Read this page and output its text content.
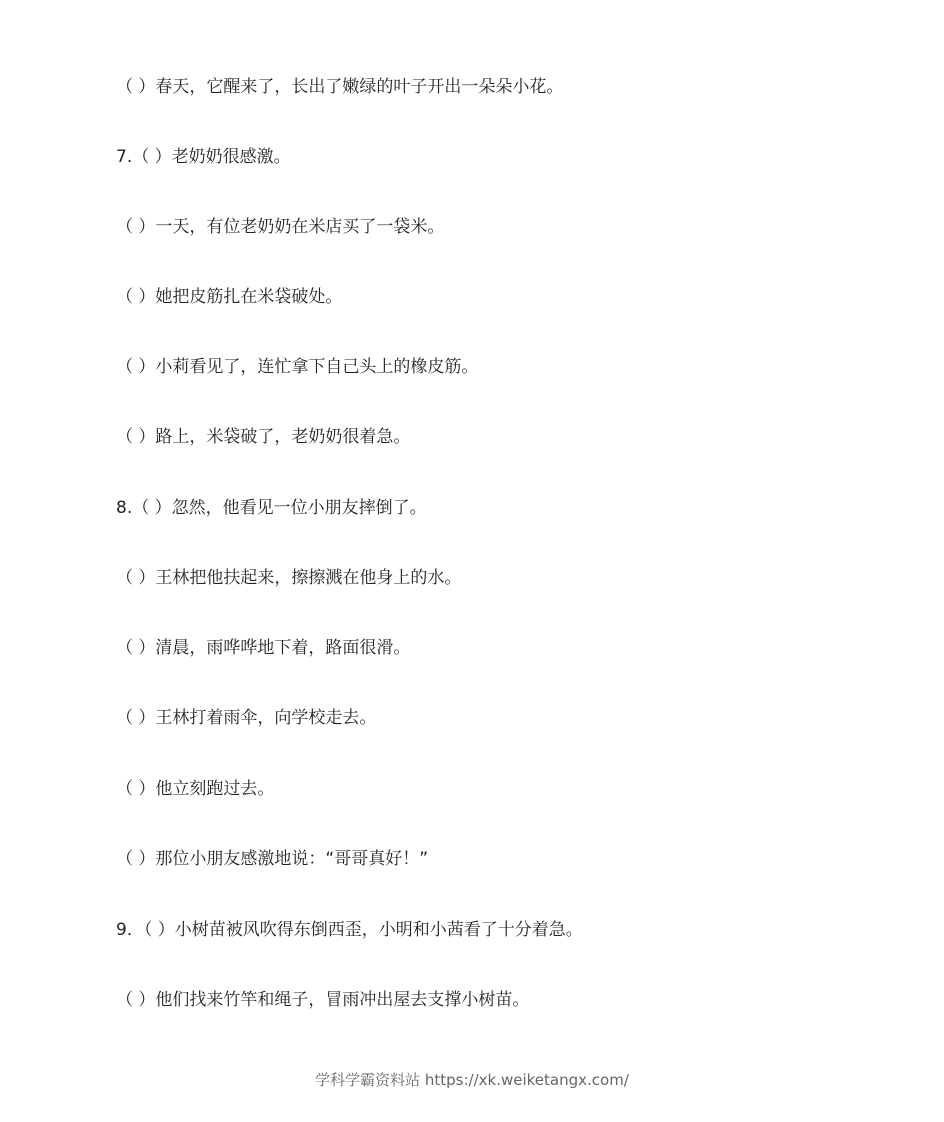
（ ）春天，它醒来了，长出了嫩绿的叶子开出一朵朵小花。
7.（ ）老奶奶很感激。
（ ）一天，有位老奶奶在米店买了一袋米。
（ ）她把皮筋扎在米袋破处。
（ ）小莉看见了，连忙拿下自己头上的橡皮筋。
（ ）路上，米袋破了，老奶奶很着急。
8.（ ）忽然，他看见一位小朋友摔倒了。
（ ）王林把他扶起来，擦擦溅在他身上的水。
（ ）清晨，雨哗哗地下着，路面很滑。
（ ）王林打着雨伞，向学校走去。
（ ）他立刻跑过去。
（ ）那位小朋友感激地说：“哥哥真好！”
9．（ ）小树苗被风吹得东倒西歪，小明和小茜看了十分着急。
（ ）他们找来竹竿和绳子，冒雨冲出屋去支撑小树苗。
学科学霸资料站 https://xk.weiketangx.com/
